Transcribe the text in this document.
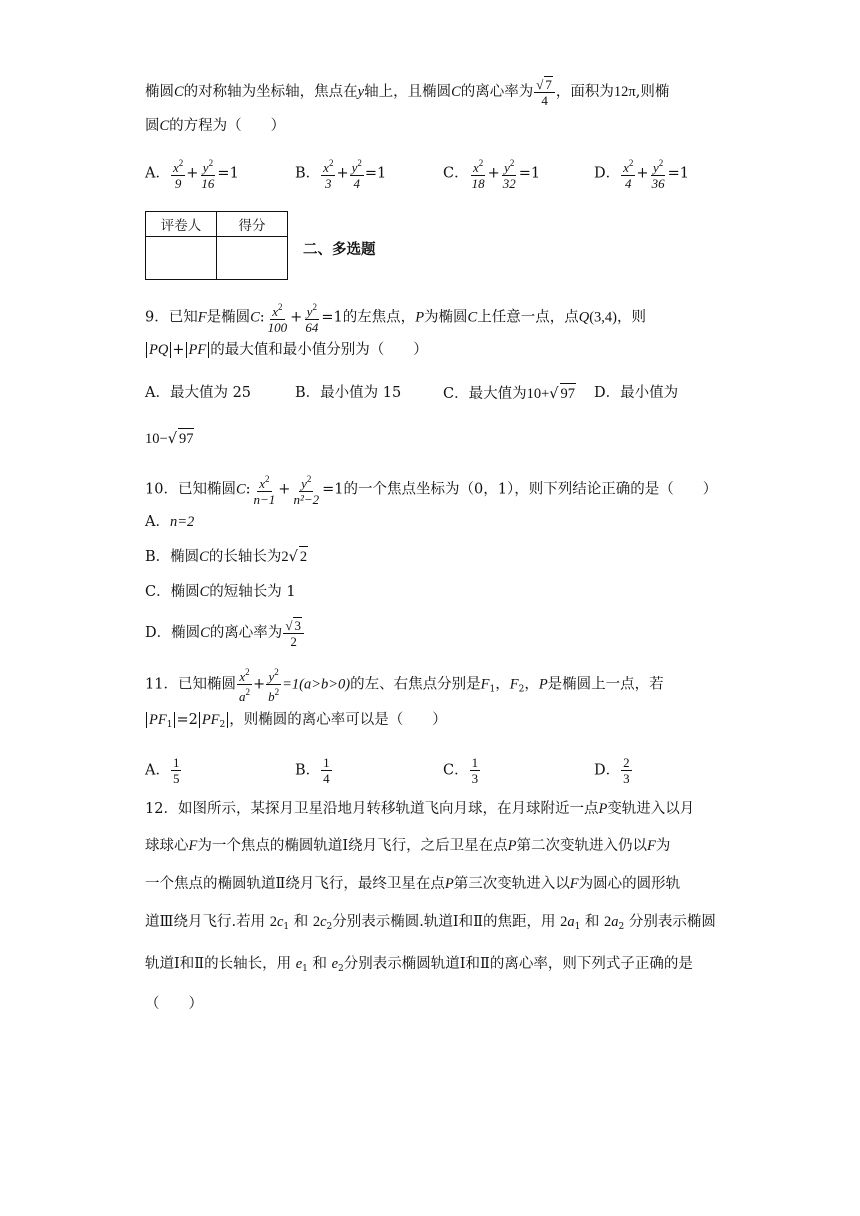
椭圆C的对称轴为坐标轴，焦点在y轴上，且椭圆C的离心率为 $\frac{√ 7}{4}$ ，面积为12π,则椭
圆C的方程为（　　）
A． $\frac{x^2}{9} + \frac{y^2}{16} =1$	B． $\frac{x^2}{3} + \frac{y^2}{4} =1$	C． $\frac{x^2}{18} + \frac{y^2}{32} =1$	D． $\frac{x^2}{4} + \frac{y^2}{36} =1$
评卷人	得分

二、多选题
9．已知F是椭圆C: $\frac{x^2}{100} + \frac{y^2}{64} =1$的左焦点，P为椭圆C上任意一点，点Q(3,4)，则
PQ + PF 的最大值和最小值分别为（　　）
A．最大值为 25	B．最小值为 15	C．最大值为10+√ 97 D．最小值为
10−√ 97
10．已知椭圆C: $\frac{x^2}{n-1} + \frac{y^2}{\text{n²−2}} =1$的一个焦点坐标为（0，1），则下列结论正确的是（　　）
A．n=2
B．椭圆C的长轴长为2√ 2
C．椭圆C的短轴长为 1
D．椭圆C的离心率为 $\frac{√ 3}{2}$
11．已知椭圆 $\frac{x^2}{a^2} + \frac{y^2}{b^2} =1(a>b>0)$的左、右焦点分别是$F_1$，$F_2$，P是椭圆上一点，若
$PF_1 =2$ $PF_2$ ，则椭圆的离心率可以是（　　）
A． $\frac{1}{5}$	B． $\frac{1}{4}$	C． $\frac{1}{3}$	D． $\frac{2}{3}$
12．如图所示，某探月卫星沿地月转移轨道飞向月球，在月球附近一点P变轨进入以月
球球心F为一个焦点的椭圆轨道Ⅰ绕月飞行，之后卫星在点P第二次变轨进入仍以F为
一个焦点的椭圆轨道Ⅱ绕月飞行，最终卫星在点P第三次变轨进入以F为圆心的圆形轨
道Ⅲ绕月飞行.若用 $2c_1$ 和 $2c_2$分别表示椭圆.轨道Ⅰ和Ⅱ的焦距，用 $2a_1$ 和 $2a_2$ 分别表示椭圆
轨道Ⅰ和Ⅱ的长轴长，用 $e_1$ 和 $e_2$分别表示椭圆轨道Ⅰ和Ⅱ的离心率，则下列式子正确的是
（　　）
